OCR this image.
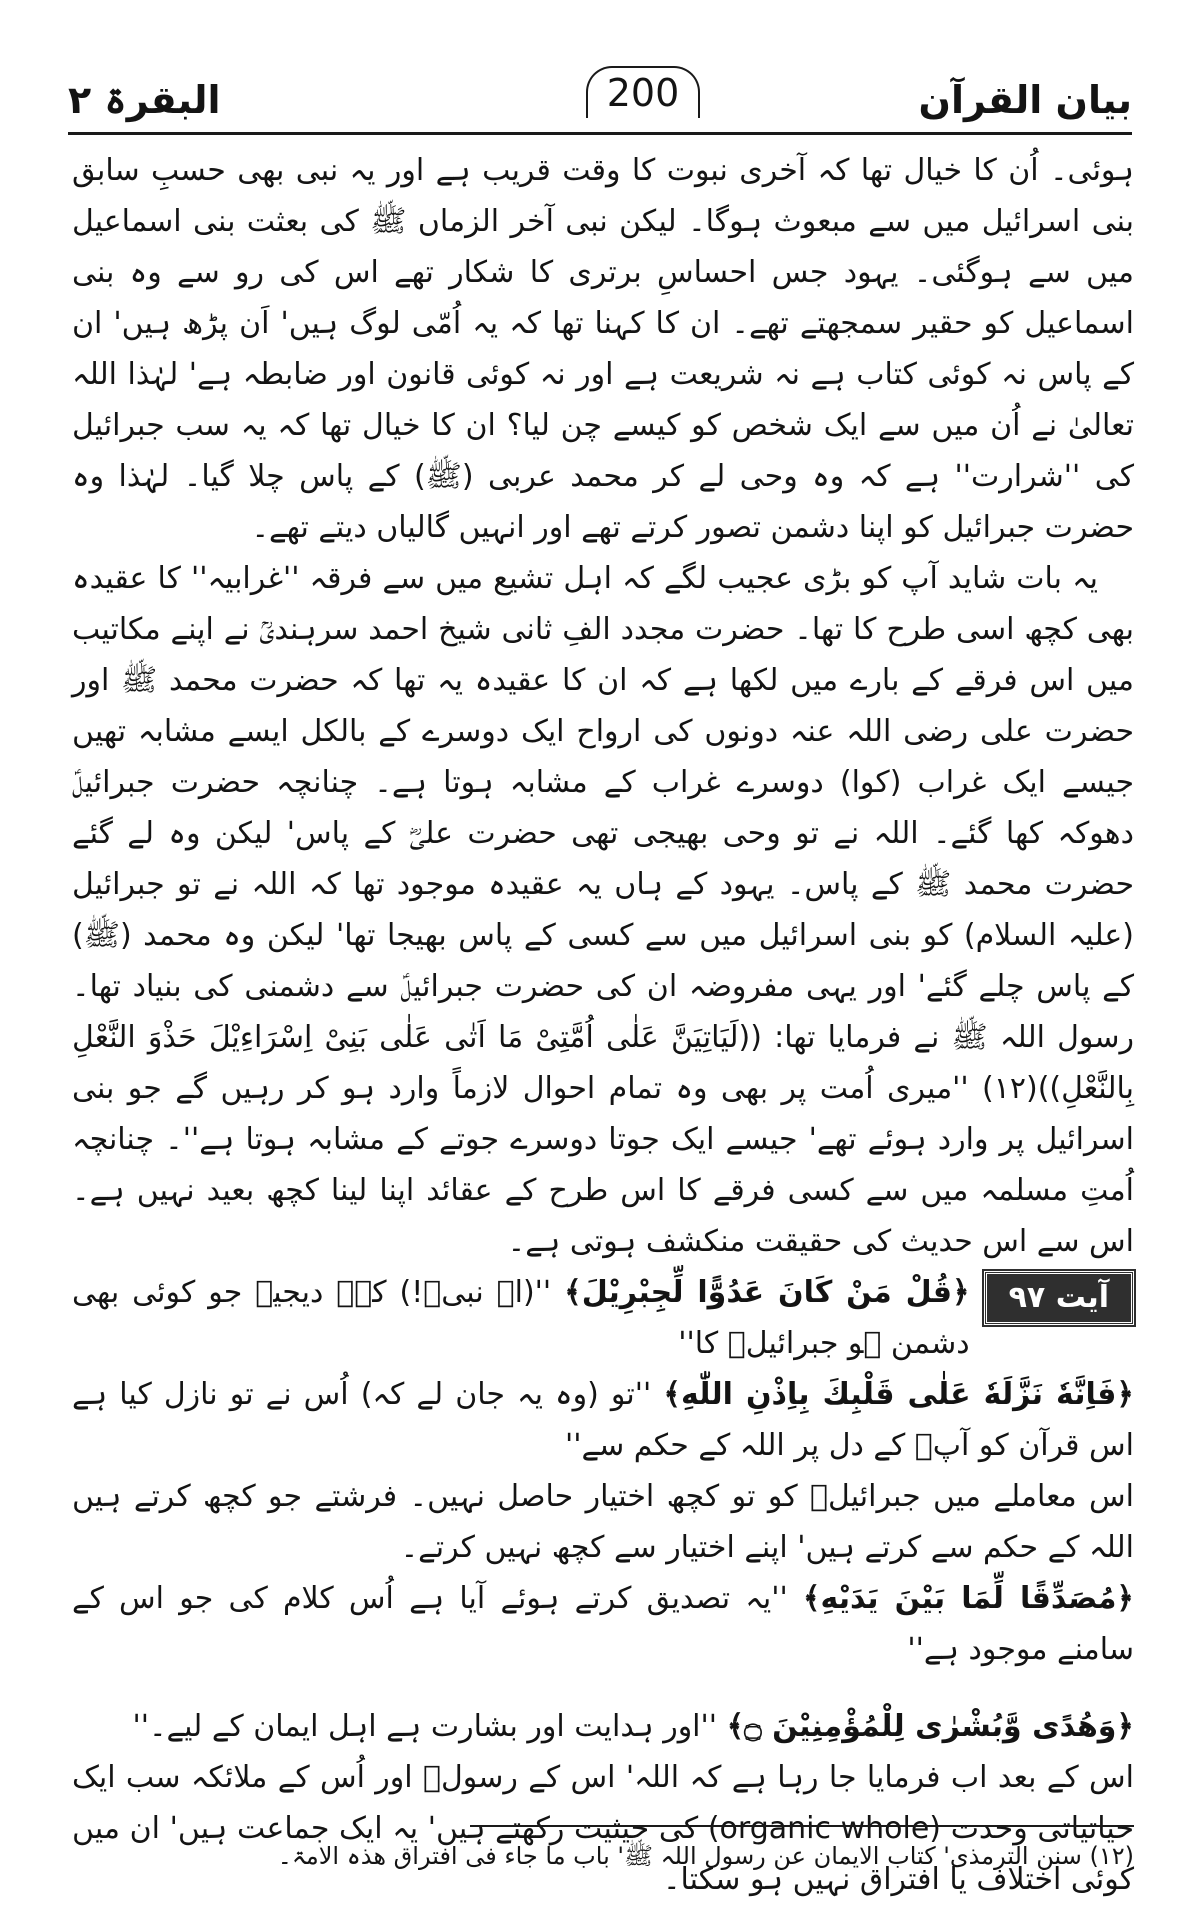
بیان القرآن
200
البقرۃ ۲

ہوئی۔ اُن کا خیال تھا کہ آخری نبوت کا وقت قریب ہے اور یہ نبی بھی حسبِ سابق بنی اسرائیل میں سے مبعوث ہوگا۔ لیکن نبی آخر الزماں ﷺ کی بعثت بنی اسماعیل میں سے ہوگئی۔ یہود جس احساسِ برتری کا شکار تھے اس کی رو سے وہ بنی اسماعیل کو حقیر سمجھتے تھے۔ ان کا کہنا تھا کہ یہ اُمّی لوگ ہیں' اَن پڑھ ہیں' ان کے پاس نہ کوئی کتاب ہے نہ شریعت ہے اور نہ کوئی قانون اور ضابطہ ہے' لہٰذا اللہ تعالیٰ نے اُن میں سے ایک شخص کو کیسے چن لیا؟ ان کا خیال تھا کہ یہ سب جبرائیل کی ''شرارت'' ہے کہ وہ وحی لے کر محمد عربی (ﷺ) کے پاس چلا گیا۔ لہٰذا وہ حضرت جبرائیل کو اپنا دشمن تصور کرتے تھے اور انہیں گالیاں دیتے تھے۔

یہ بات شاید آپ کو بڑی عجیب لگے کہ اہل تشیع میں سے فرقہ ''غرابیہ'' کا عقیدہ بھی کچھ اسی طرح کا تھا۔ حضرت مجدد الفِ ثانی شیخ احمد سرہندیؒ نے اپنے مکاتیب میں اس فرقے کے بارے میں لکھا ہے کہ ان کا عقیدہ یہ تھا کہ حضرت محمد ﷺ اور حضرت علی رضی اللہ عنہ دونوں کی ارواح ایک دوسرے کے بالکل ایسے مشابہ تھیں جیسے ایک غراب (کوا) دوسرے غراب کے مشابہ ہوتا ہے۔ چنانچہ حضرت جبرائیلؑ دھوکہ کھا گئے۔ اللہ نے تو وحی بھیجی تھی حضرت علیؓ کے پاس' لیکن وہ لے گئے حضرت محمد ﷺ کے پاس۔ یہود کے ہاں یہ عقیدہ موجود تھا کہ اللہ نے تو جبرائیل (علیہ السلام) کو بنی اسرائیل میں سے کسی کے پاس بھیجا تھا' لیکن وہ محمد (ﷺ) کے پاس چلے گئے' اور یہی مفروضہ ان کی حضرت جبرائیلؑ سے دشمنی کی بنیاد تھا۔ رسول اللہ ﷺ نے فرمایا تھا: ((لَیَاتِیَنَّ عَلٰی اُمَّتِیْ مَا اَتٰی عَلٰی بَنِیْ اِسْرَاءِیْلَ حَذْوَ النَّعْلِ بِالنَّعْلِ))(۱۲) ''میری اُمت پر بھی وہ تمام احوال لازماً وارد ہو کر رہیں گے جو بنی اسرائیل پر وارد ہوئے تھے' جیسے ایک جوتا دوسرے جوتے کے مشابہ ہوتا ہے''۔ چنانچہ اُمتِ مسلمہ میں سے کسی فرقے کا اس طرح کے عقائد اپنا لینا کچھ بعید نہیں ہے۔ اس سے اس حدیث کی حقیقت منکشف ہوتی ہے۔

آیت ۹۷
﴿قُلْ مَنْ كَانَ عَدُوًّا لِّجِبْرِيْلَ﴾ ''(اے نبیؐ!) کہہ دیجیے جو کوئی بھی دشمن ہو جبرائیلؑ کا''

﴿فَاِنَّهٗ نَزَّلَهٗ عَلٰى قَلْبِكَ بِاِذْنِ اللّٰهِ﴾ ''تو (وہ یہ جان لے کہ) اُس نے تو نازل کیا ہے اس قرآن کو آپؐ کے دل پر اللہ کے حکم سے''

اس معاملے میں جبرائیلؑ کو تو کچھ اختیار حاصل نہیں۔ فرشتے جو کچھ کرتے ہیں اللہ کے حکم سے کرتے ہیں' اپنے اختیار سے کچھ نہیں کرتے۔

﴿مُصَدِّقًا لِّمَا بَيْنَ يَدَيْهِ﴾ ''یہ تصدیق کرتے ہوئے آیا ہے اُس کلام کی جو اس کے سامنے موجود ہے''

﴿وَهُدًى وَّبُشْرٰى لِلْمُؤْمِنِيْنَ ۝﴾ ''اور ہدایت اور بشارت ہے اہل ایمان کے لیے۔''

اس کے بعد اب فرمایا جا رہا ہے کہ اللہ' اس کے رسولؐ اور اُس کے ملائکہ سب ایک حیاتیاتی وحدت (organic whole) کی حیثیت رکھتے ہیں' یہ ایک جماعت ہیں' ان میں کوئی اختلاف یا افتراق نہیں ہو سکتا۔

(۱۲) سنن الترمذی' کتاب الایمان عن رسول اللہ ﷺ' باب ما جاء فی افتراق ھذہ الامۃ۔
